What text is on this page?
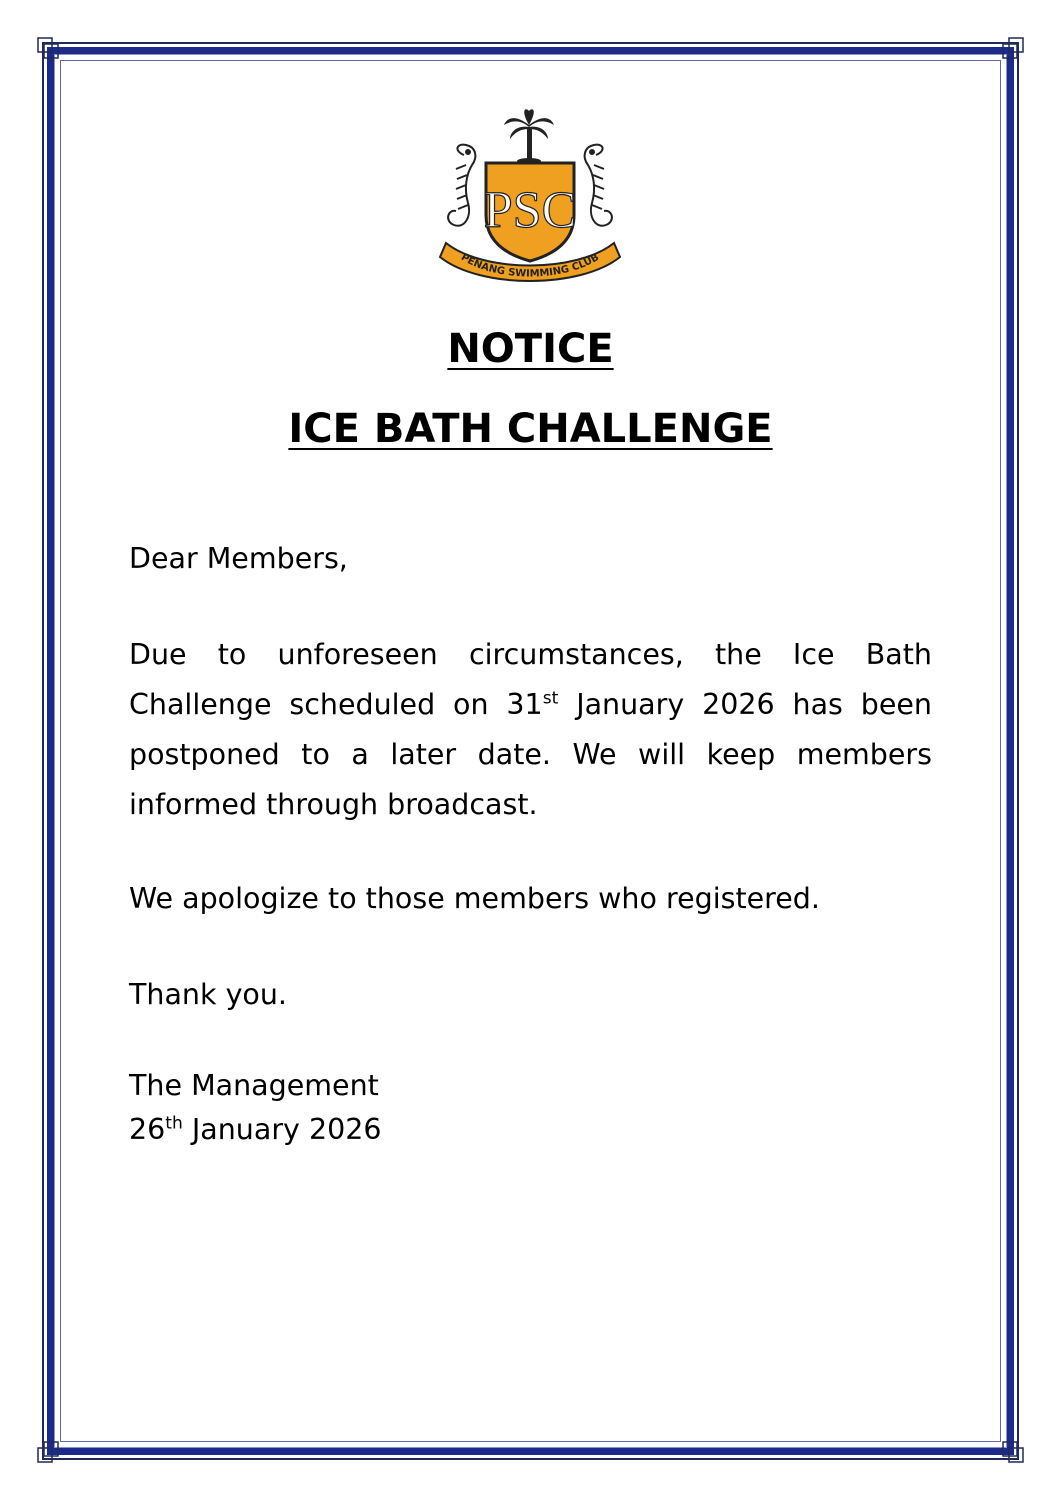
PSC
PENANG SWIMMING CLUB
NOTICE
ICE BATH CHALLENGE

Dear Members,

Due to unforeseen circumstances, the Ice Bath Challenge scheduled on 31st January 2026 has been postponed to a later date. We will keep members informed through broadcast.

We apologize to those members who registered.

Thank you.

The Management
26th January 2026
